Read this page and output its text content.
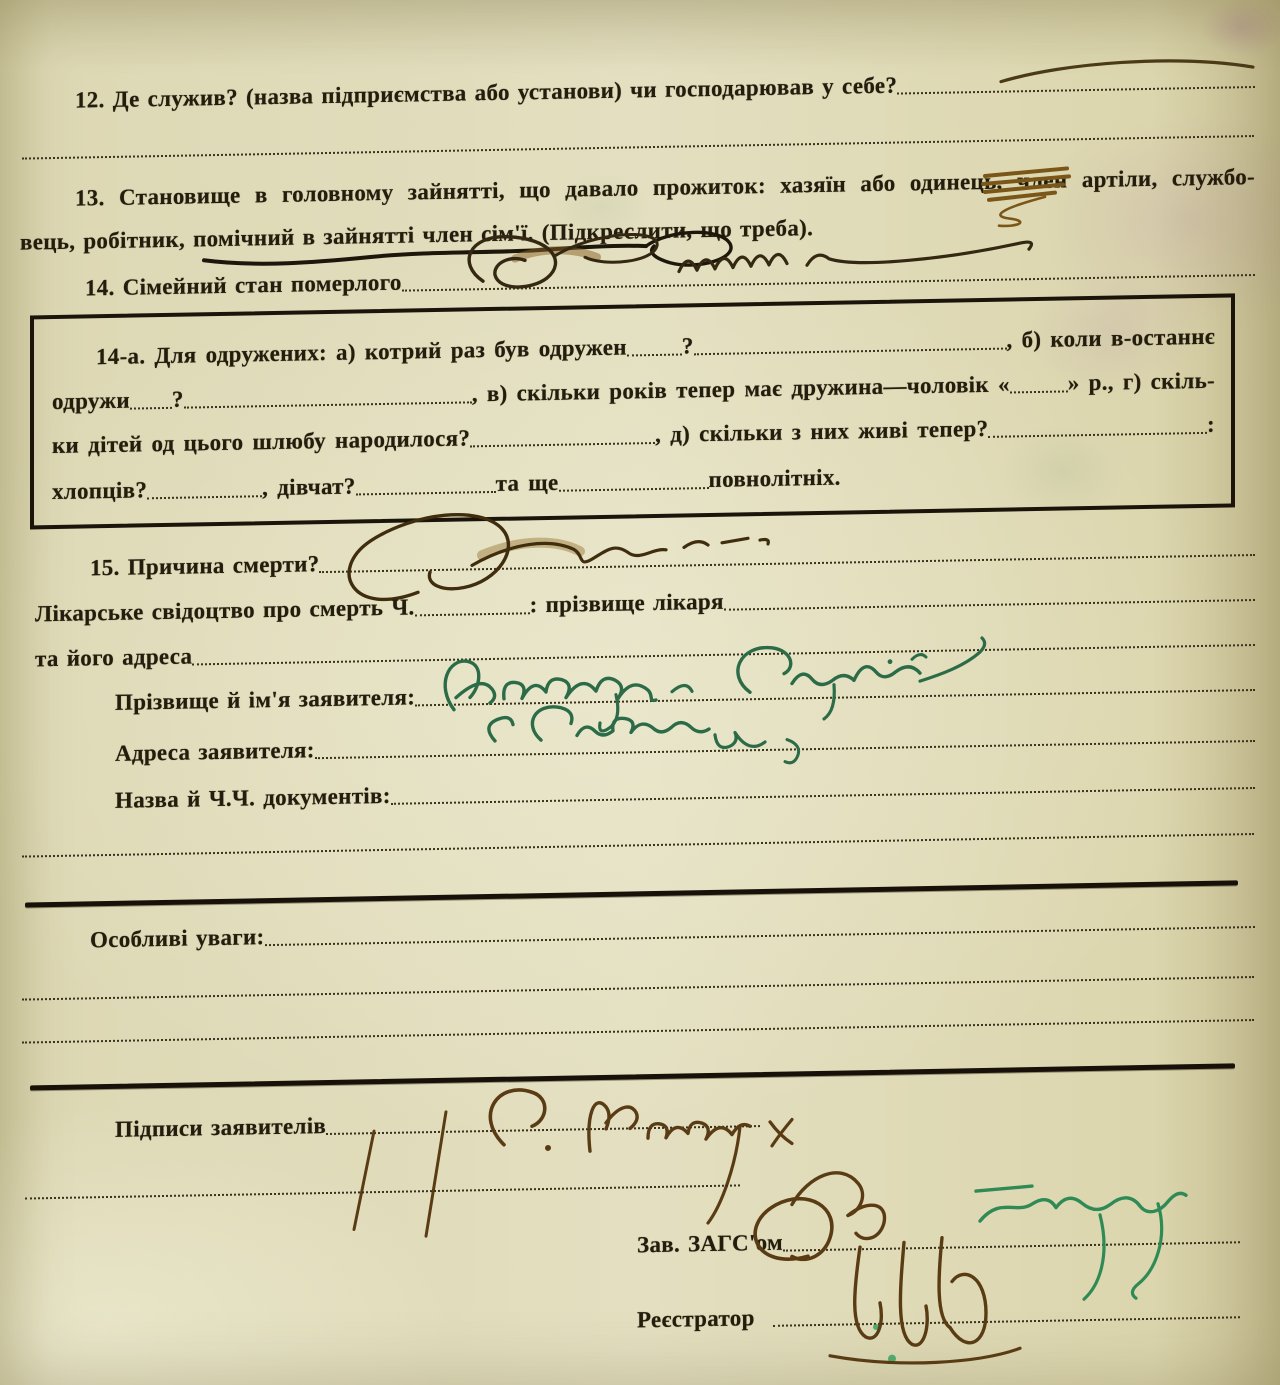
12. Де служив? (назва підприємства або установи) чи господарював у себе?
13. Становище в головному зайнятті, що давало прожиток: хазяїн або одинець, член артіли, службо-
вець, робітник, помічний в зайнятті член сім'ї. (Підкреслити, що треба).
14. Сімейний стан померлого
14-а. Для одружених: а) котрий раз був одружен ?	, б) коли в-останнє
одружи ?	, в) скільки років тепер має дружина—чоловік «	» р., г) скіль-
ки дітей од цього шлюбу народилося?	, д) скільки з них живі тепер?	:
хлопців?	, дівчат?	та ще	повнолітніх.
15. Причина смерти?
Лікарське свідоцтво про смерть Ч.	: прізвище лікаря
та його адреса
Прізвище й ім'я заявителя:
Адреса заявителя:
Назва й Ч.Ч. документів:
Особливі уваги:
Підписи заявителів
Зав. ЗАГС'ом
Реєстратор
